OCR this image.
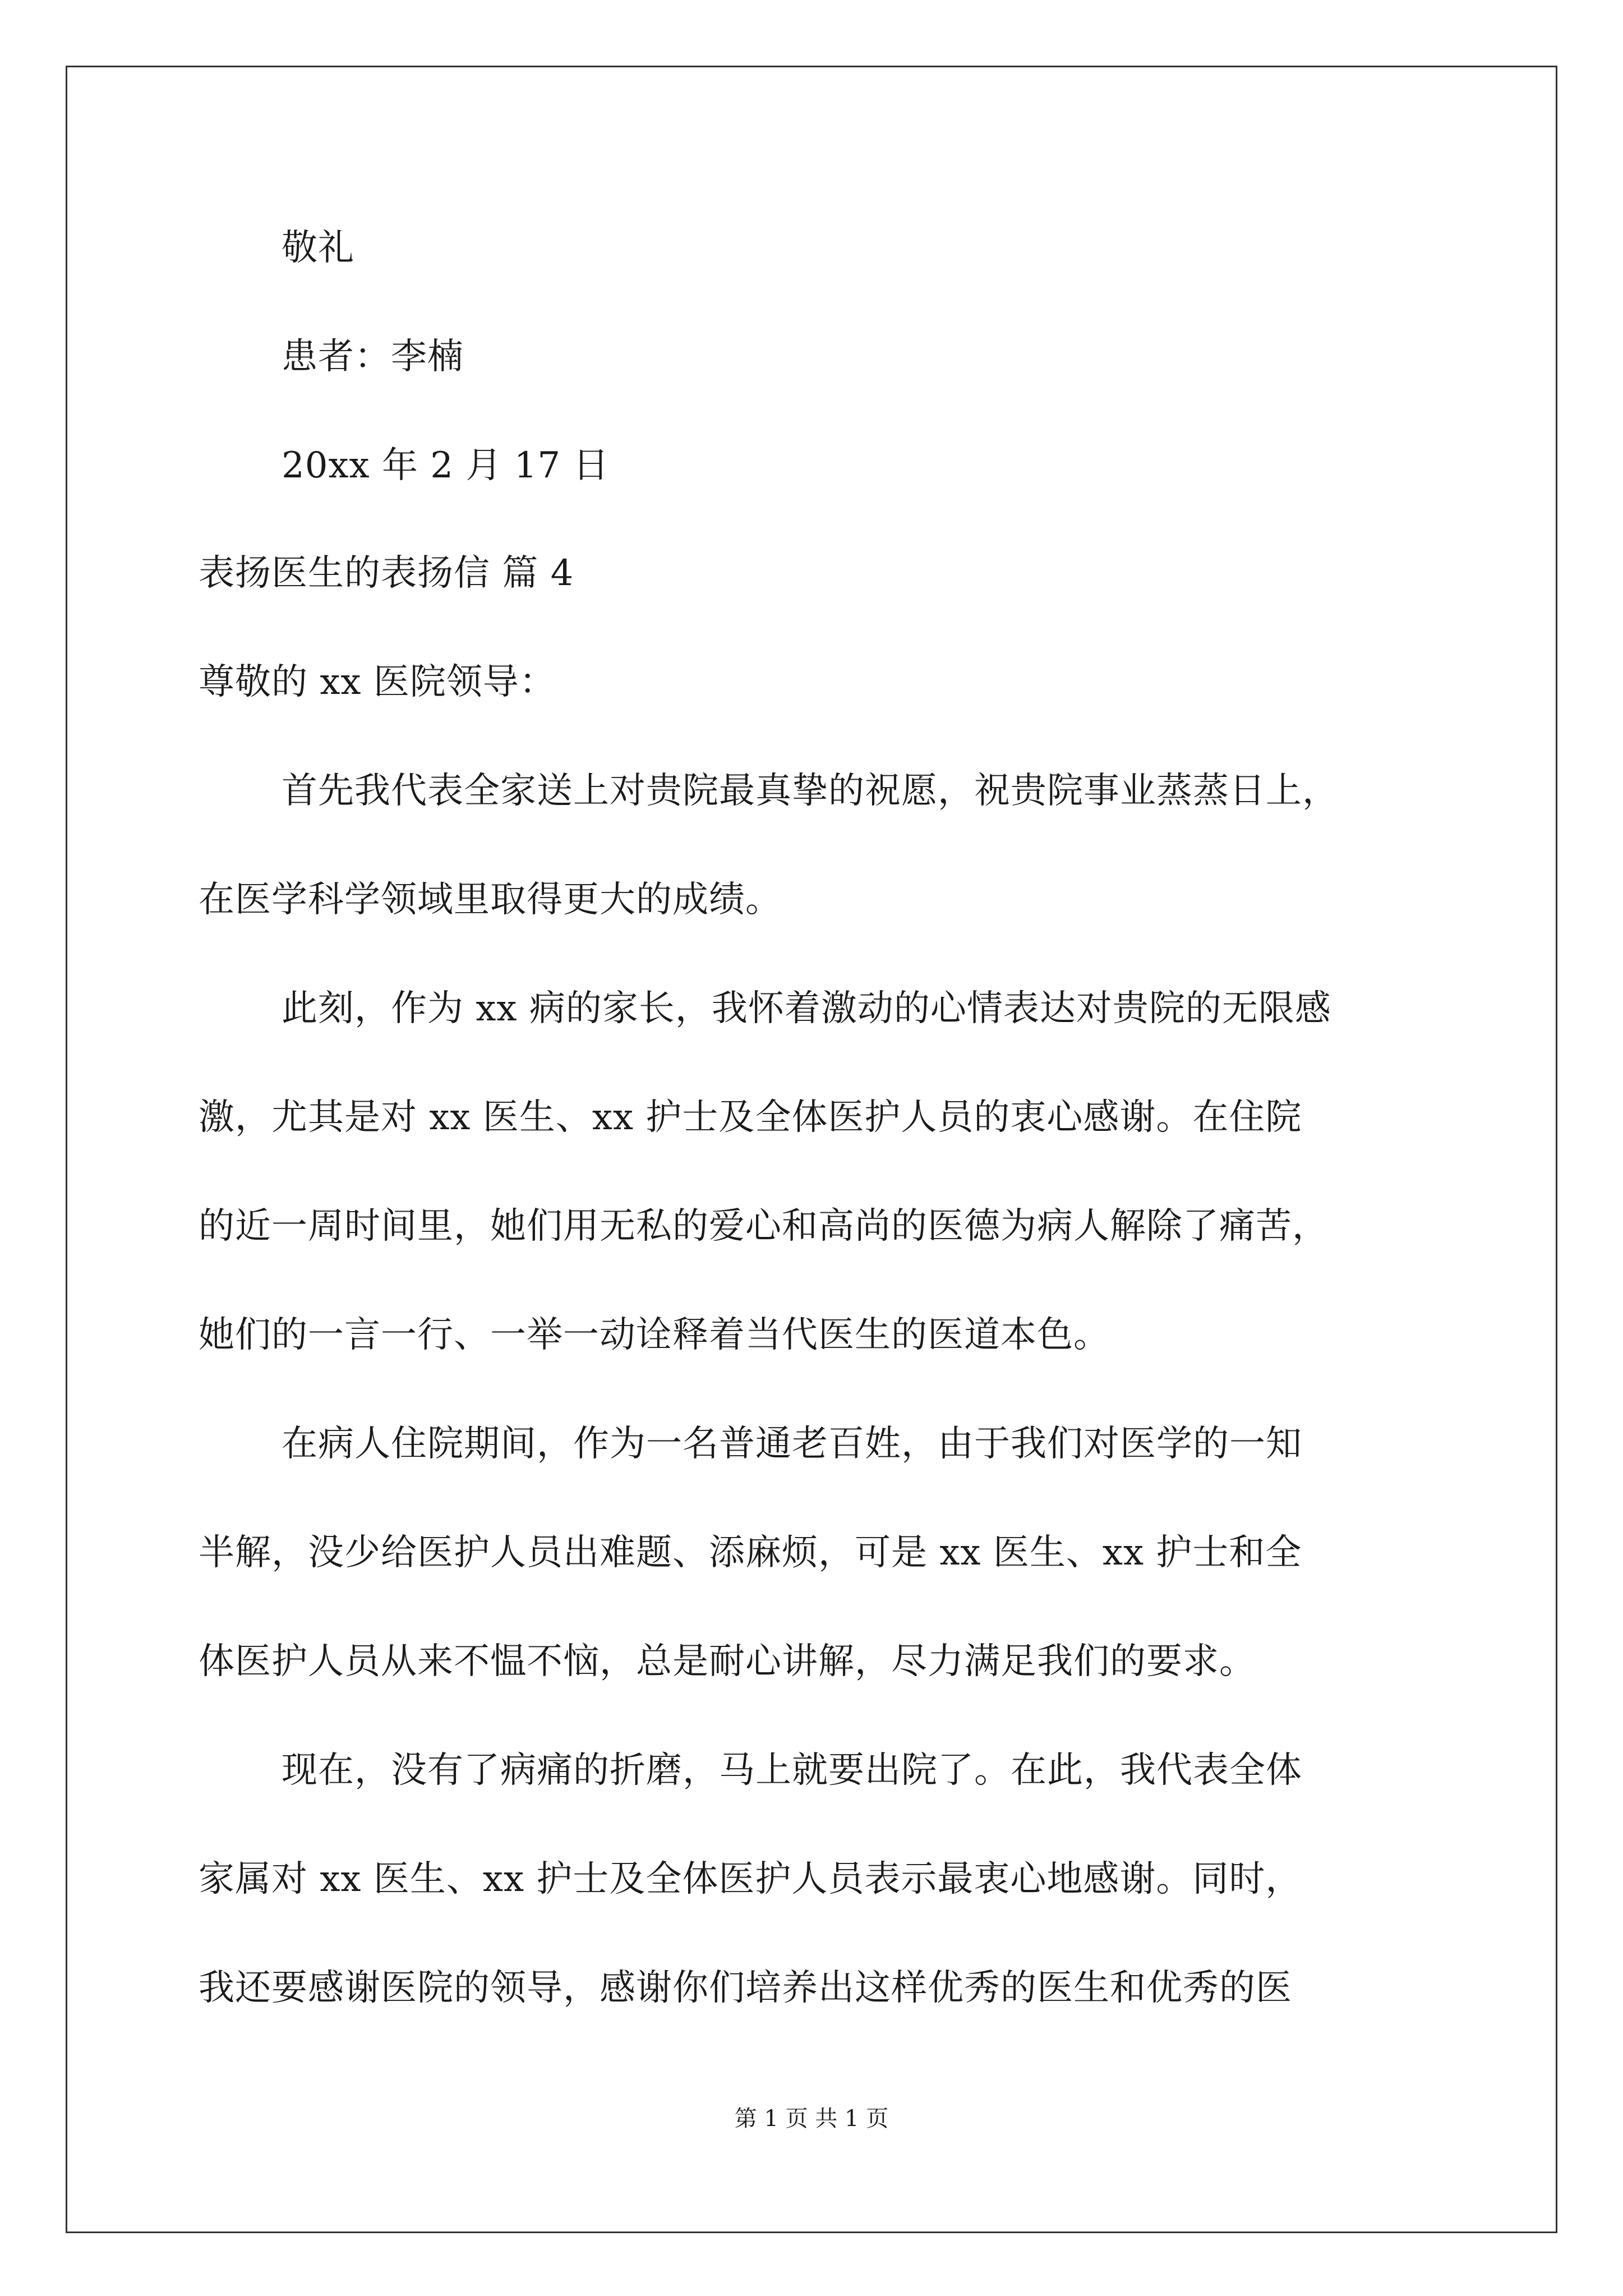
敬礼
患者：李楠
20xx 年 2 月 17 日
表扬医生的表扬信 篇 4
尊敬的 xx 医院领导：
首先我代表全家送上对贵院最真挚的祝愿，祝贵院事业蒸蒸日上，
在医学科学领域里取得更大的成绩。
此刻，作为 xx 病的家长，我怀着激动的心情表达对贵院的无限感
激，尤其是对 xx 医生、xx 护士及全体医护人员的衷心感谢。在住院
的近一周时间里，她们用无私的爱心和高尚的医德为病人解除了痛苦，
她们的一言一行、一举一动诠释着当代医生的医道本色。
在病人住院期间，作为一名普通老百姓，由于我们对医学的一知
半解，没少给医护人员出难题、添麻烦，可是 xx 医生、xx 护士和全
体医护人员从来不愠不恼，总是耐心讲解，尽力满足我们的要求。
现在，没有了病痛的折磨，马上就要出院了。在此，我代表全体
家属对 xx 医生、xx 护士及全体医护人员表示最衷心地感谢。同时，
我还要感谢医院的领导，感谢你们培养出这样优秀的医生和优秀的医
第 1 页 共 1 页
